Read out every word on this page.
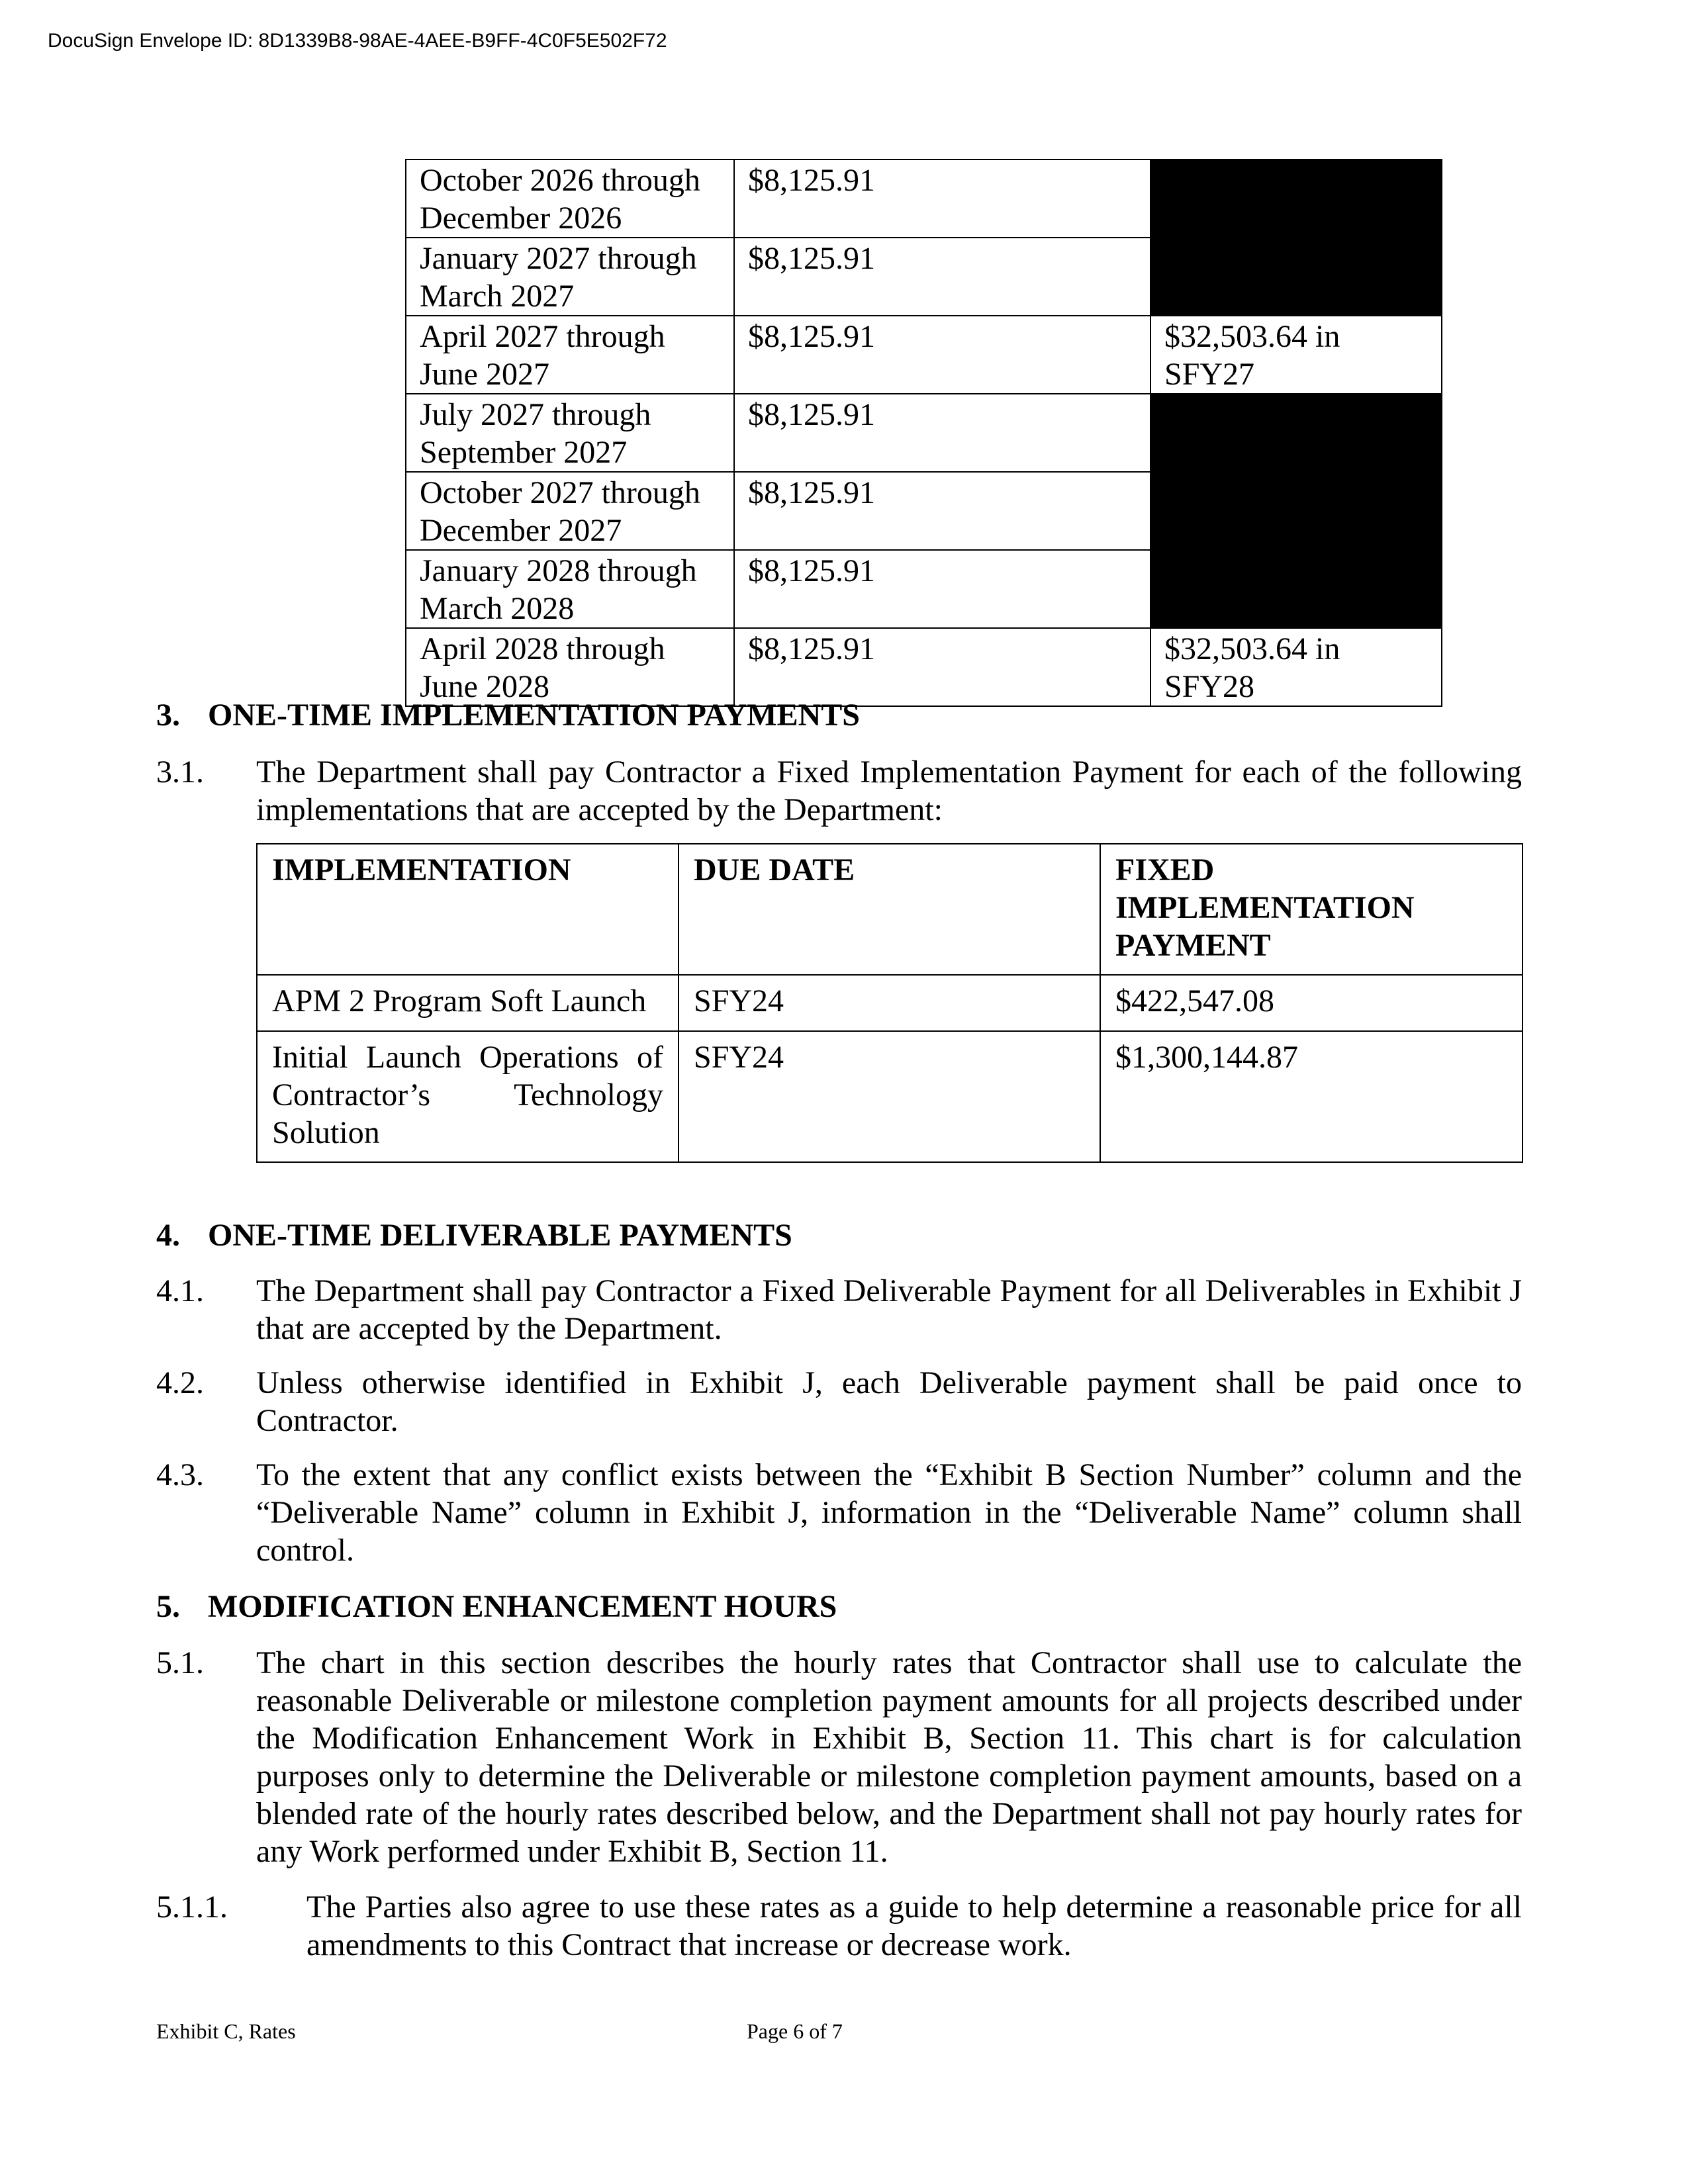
DocuSign Envelope ID: 8D1339B8-98AE-4AEE-B9FF-4C0F5E502F72
October 2026 through December 2026	$8,125.91	
January 2027 through March 2027	$8,125.91	
April 2027 through June 2027	$8,125.91	$32,503.64 in SFY27
July 2027 through September 2027	$8,125.91	
October 2027 through December 2027	$8,125.91	
January 2028 through March 2028	$8,125.91	
April 2028 through June 2028	$8,125.91	$32,503.64 in SFY28
3. ONE-TIME IMPLEMENTATION PAYMENTS
3.1. The Department shall pay Contractor a Fixed Implementation Payment for each of the following implementations that are accepted by the Department:
IMPLEMENTATION	DUE DATE	FIXED IMPLEMENTATION PAYMENT
APM 2 Program Soft Launch	SFY24	$422,547.08
Initial Launch Operations of Contractor’s Technology Solution	SFY24	$1,300,144.87
4. ONE-TIME DELIVERABLE PAYMENTS
4.1. The Department shall pay Contractor a Fixed Deliverable Payment for all Deliverables in Exhibit J that are accepted by the Department.
4.2. Unless otherwise identified in Exhibit J, each Deliverable payment shall be paid once to Contractor.
4.3. To the extent that any conflict exists between the “Exhibit B Section Number” column and the “Deliverable Name” column in Exhibit J, information in the “Deliverable Name” column shall control.
5. MODIFICATION ENHANCEMENT HOURS
5.1. The chart in this section describes the hourly rates that Contractor shall use to calculate the reasonable Deliverable or milestone completion payment amounts for all projects described under the Modification Enhancement Work in Exhibit B, Section 11. This chart is for calculation purposes only to determine the Deliverable or milestone completion payment amounts, based on a blended rate of the hourly rates described below, and the Department shall not pay hourly rates for any Work performed under Exhibit B, Section 11.
5.1.1. The Parties also agree to use these rates as a guide to help determine a reasonable price for all amendments to this Contract that increase or decrease work.
Exhibit C, Rates	Page 6 of 7
